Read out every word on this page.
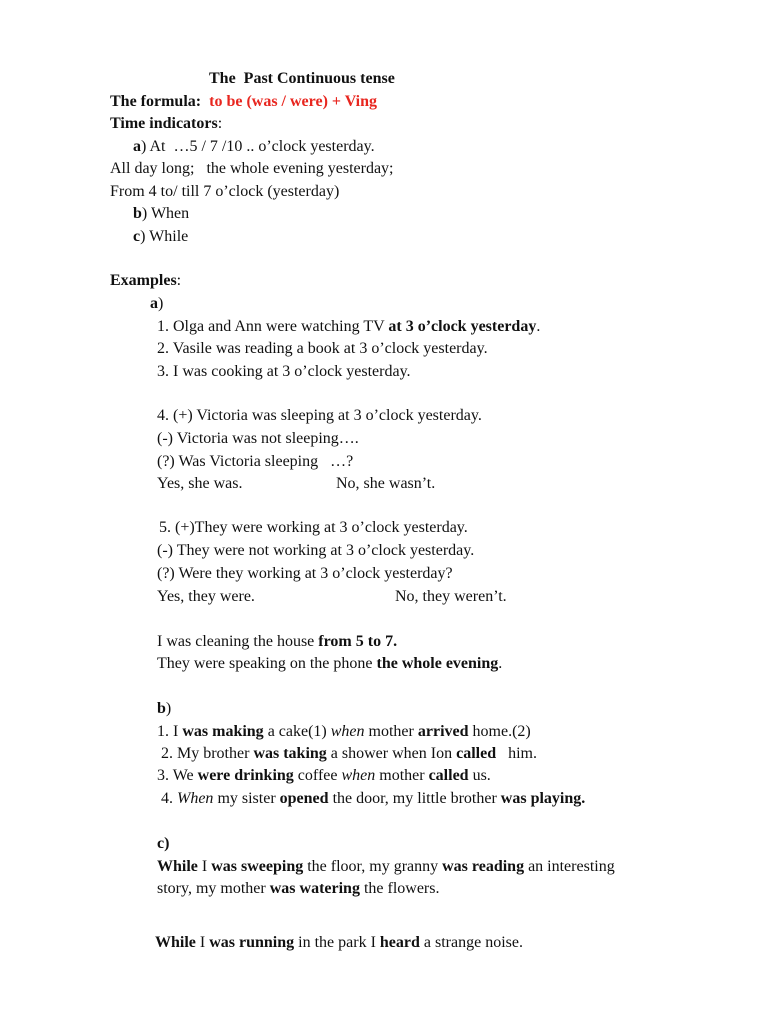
The  Past Continuous tense
The formula: to be (was / were) + Ving
Time indicators:
a) At  …5 / 7 /10 .. o’clock yesterday.
All day long;   the whole evening yesterday;
From 4 to/ till 7 o’clock (yesterday)
b) When
c) While
Examples:
a)
1. Olga and Ann were watching TV at 3 o’clock yesterday.
2. Vasile was reading a book at 3 o’clock yesterday.
3. I was cooking at 3 o’clock yesterday.
4. (+) Victoria was sleeping at 3 o’clock yesterday.
(-) Victoria was not sleeping….
(?) Was Victoria sleeping   …?
Yes, she was.	No, she wasn’t.
5. (+)They were working at 3 o’clock yesterday.
(-) They were not working at 3 o’clock yesterday.
(?) Were they working at 3 o’clock yesterday?
Yes, they were.	No, they weren’t.
I was cleaning the house from 5 to 7.
They were speaking on the phone the whole evening.
b)
1. I was making a cake(1) when mother arrived home.(2)
2. My brother was taking a shower when Ion called   him.
3. We were drinking coffee when mother called us.
4. When my sister opened the door, my little brother was playing.
c)
While I was sweeping the floor, my granny was reading an interesting
story, my mother was watering the flowers.
While I was running in the park I heard a strange noise.
